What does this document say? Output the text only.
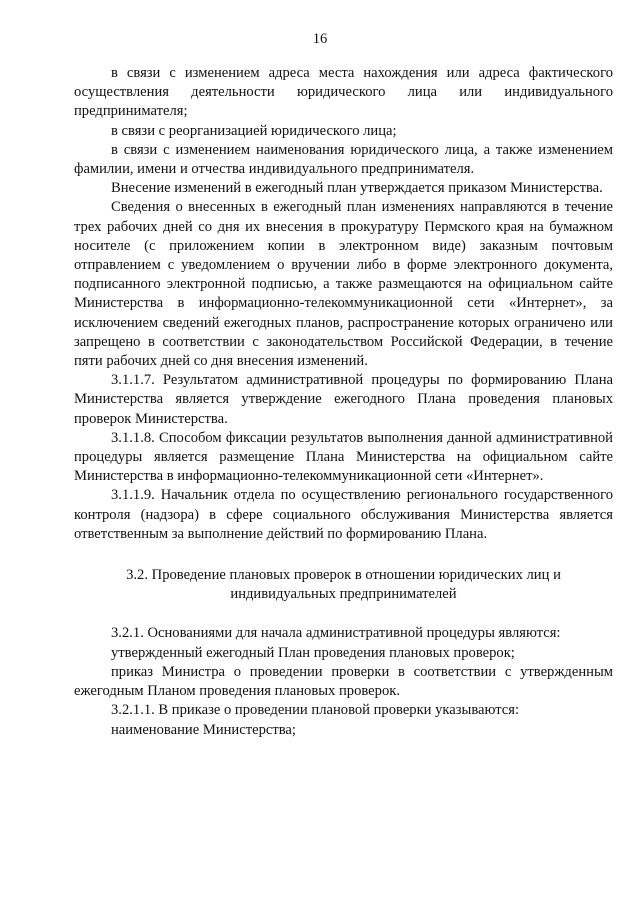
16

в связи с изменением адреса места нахождения или адреса фактического осуществления деятельности юридического лица или индивидуального предпринимателя;

в связи с реорганизацией юридического лица;

в связи с изменением наименования юридического лица, а также изменением фамилии, имени и отчества индивидуального предпринимателя.

Внесение изменений в ежегодный план утверждается приказом Министерства.

Сведения о внесенных в ежегодный план изменениях направляются в течение трех рабочих дней со дня их внесения в прокуратуру Пермского края на бумажном носителе (с приложением копии в электронном виде) заказным почтовым отправлением с уведомлением о вручении либо в форме электронного документа, подписанного электронной подписью, а также размещаются на официальном сайте Министерства в информационно-телекоммуникационной сети «Интернет», за исключением сведений ежегодных планов, распространение которых ограничено или запрещено в соответствии с законодательством Российской Федерации, в течение пяти рабочих дней со дня внесения изменений.

3.1.1.7. Результатом административной процедуры по формированию Плана Министерства является утверждение ежегодного Плана проведения плановых проверок Министерства.

3.1.1.8. Способом фиксации результатов выполнения данной административной процедуры является размещение Плана Министерства на официальном сайте Министерства в информационно-телекоммуникационной сети «Интернет».

3.1.1.9. Начальник отдела по осуществлению регионального государственного контроля (надзора) в сфере социального обслуживания Министерства является ответственным за выполнение действий по формированию Плана.

3.2. Проведение плановых проверок в отношении юридических лиц и индивидуальных предпринимателей

3.2.1. Основаниями для начала административной процедуры являются:

утвержденный ежегодный План проведения плановых проверок;

приказ Министра о проведении проверки в соответствии с утвержденным ежегодным Планом проведения плановых проверок.

3.2.1.1. В приказе о проведении плановой проверки указываются:

наименование Министерства;
